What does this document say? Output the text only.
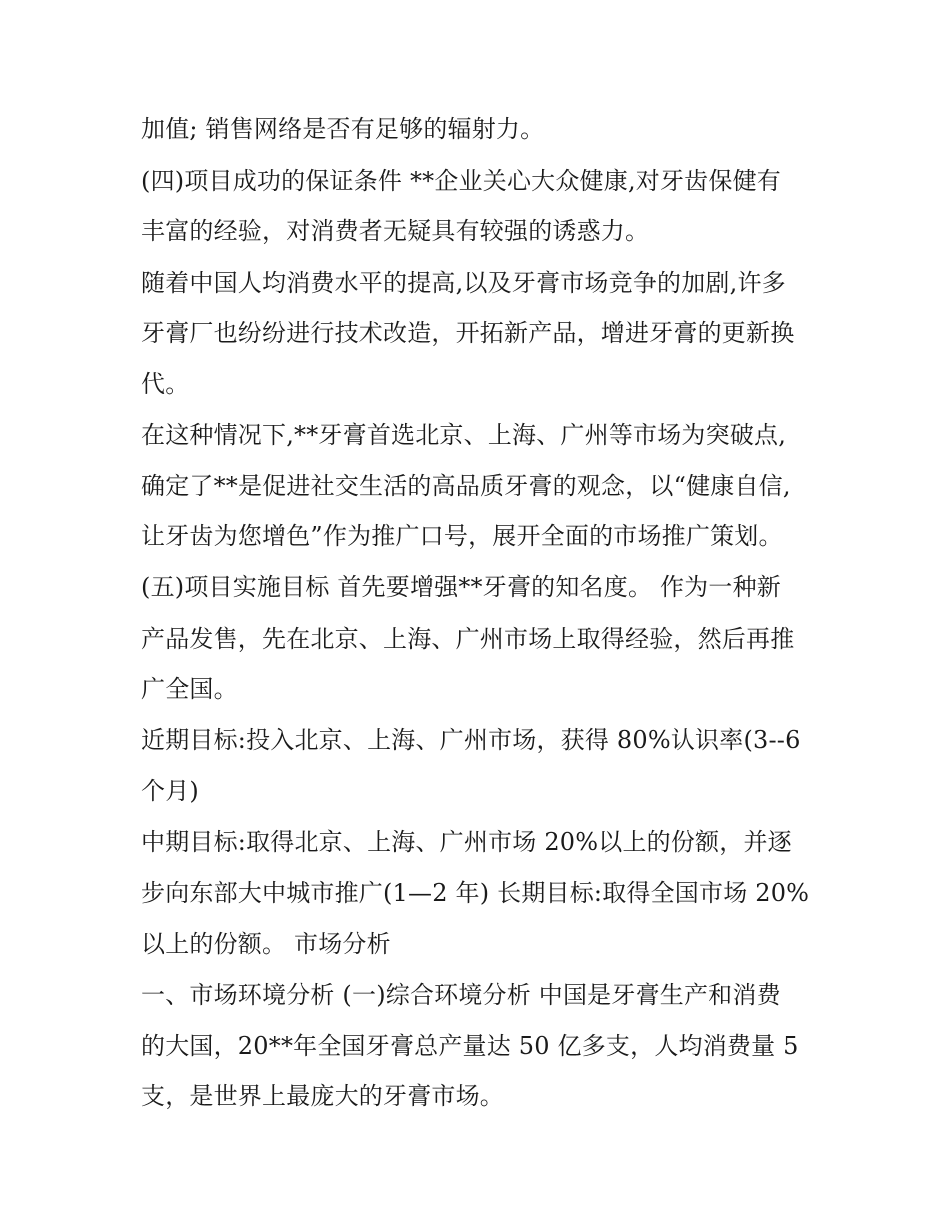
加值; 销售网络是否有足够的辐射力。
(四)项目成功的保证条件 **企业关心大众健康,对牙齿保健有
丰富的经验，对消费者无疑具有较强的诱惑力。
随着中国人均消费水平的提高,以及牙膏市场竞争的加剧,许多
牙膏厂也纷纷进行技术改造，开拓新产品，增进牙膏的更新换
代。
在这种情况下,**牙膏首选北京、上海、广州等市场为突破点,
确定了**是促进社交生活的高品质牙膏的观念，以“健康自信,
让牙齿为您增色”作为推广口号，展开全面的市场推广策划。
(五)项目实施目标 首先要增强**牙膏的知名度。 作为一种新
产品发售，先在北京、上海、广州市场上取得经验，然后再推
广全国。
近期目标:投入北京、上海、广州市场，获得 80%认识率(3--6
个月)
中期目标:取得北京、上海、广州市场 20%以上的份额，并逐
步向东部大中城市推广(1—2 年) 长期目标:取得全国市场 20%
以上的份额。 市场分析
一、市场环境分析 (一)综合环境分析 中国是牙膏生产和消费
的大国，20**年全国牙膏总产量达 50 亿多支，人均消费量 5
支，是世界上最庞大的牙膏市场。
